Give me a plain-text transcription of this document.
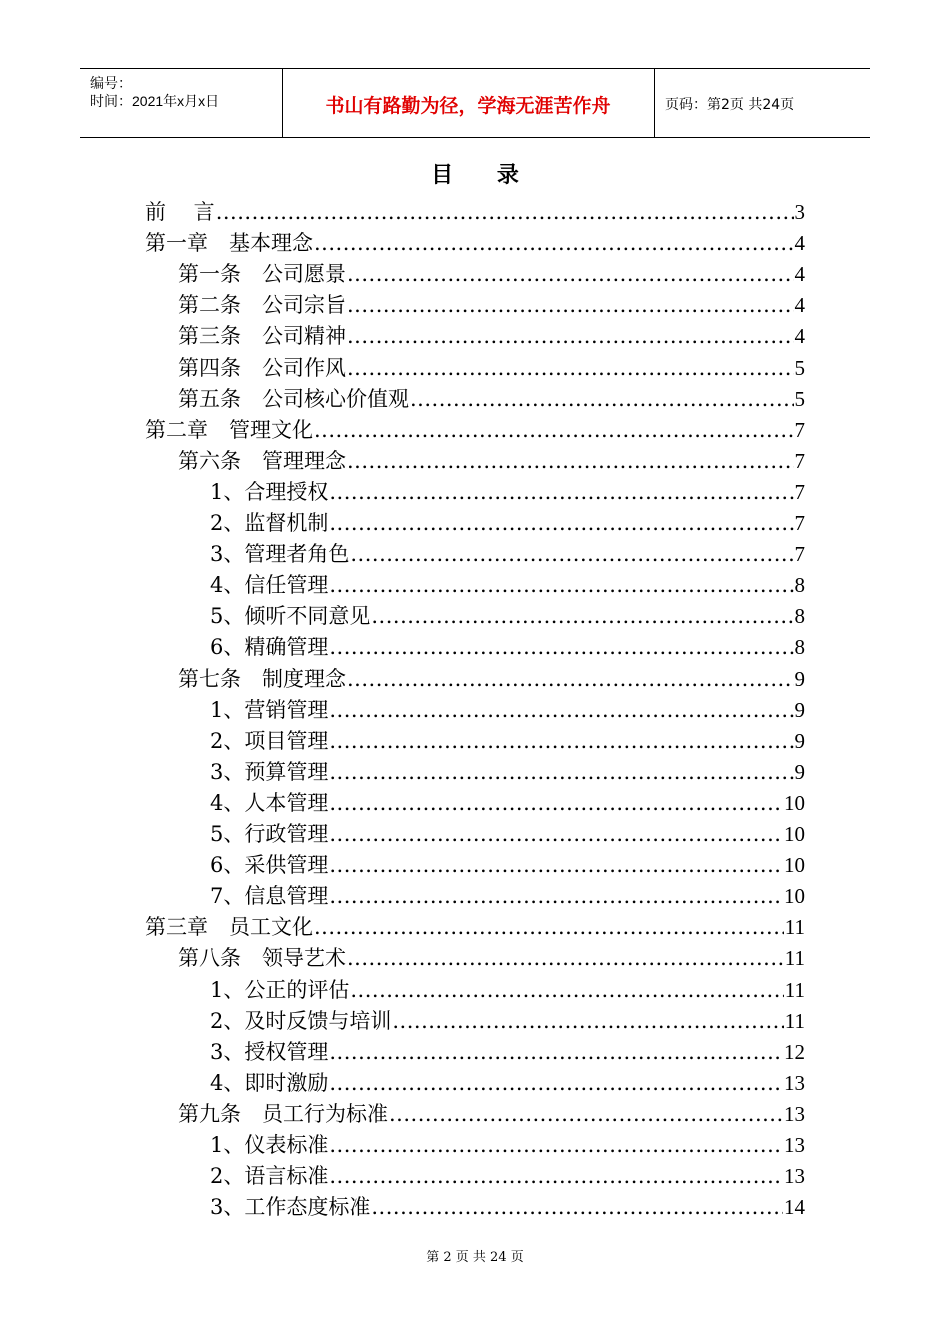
编号：
时间：2021年x月x日	书山有路勤为径，学海无涯苦作舟	页码：第2页 共24页
目 录
前　 言 .....	3
第一章　基本理念 .....	4
第一条　公司愿景 .....	4
第二条　公司宗旨 .....	4
第三条　公司精神 .....	4
第四条　公司作风 .....	5
第五条　公司核心价值观 .....	5
第二章　管理文化 .....	7
第六条　管理理念 .....	7
1、合理授权 .....	7
2、监督机制 .....	7
3、管理者角色 .....	7
4、信任管理 .....	8
5、倾听不同意见 .....	8
6、精确管理 .....	8
第七条　制度理念 .....	9
1、营销管理 .....	9
2、项目管理 .....	9
3、预算管理 .....	9
4、人本管理 .....	10
5、行政管理 .....	10
6、采供管理 .....	10
7、信息管理 .....	10
第三章　员工文化 .....	11
第八条　领导艺术 .....	11
1、公正的评估 .....	11
2、及时反馈与培训 .....	11
3、授权管理 .....	12
4、即时激励 .....	13
第九条　员工行为标准 .....	13
1、仪表标准 .....	13
2、语言标准 .....	13
3、工作态度标准 .....	14
第 2 页 共 24 页
